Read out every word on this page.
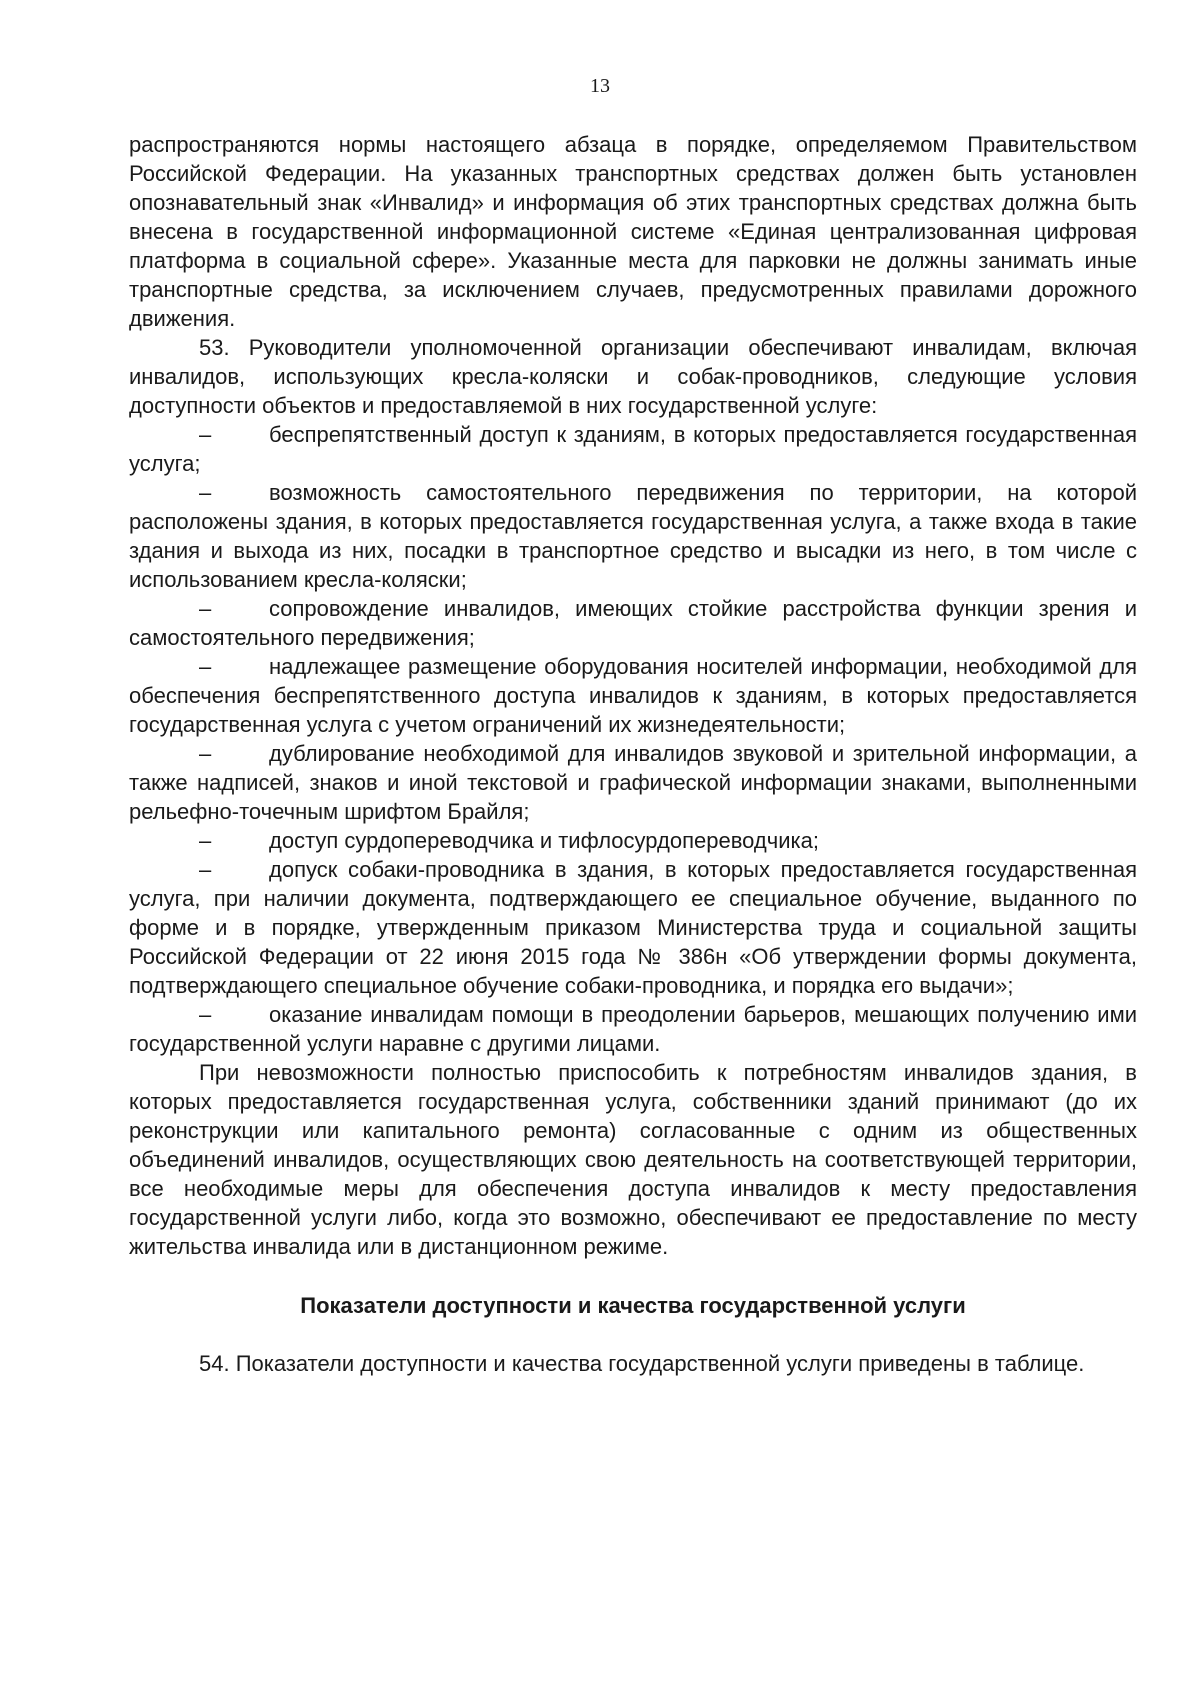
13

распространяются нормы настоящего абзаца в порядке, определяемом Правительством Российской Федерации. На указанных транспортных средствах должен быть установлен опознавательный знак «Инвалид» и информация об этих транспортных средствах должна быть внесена в государственной информационной системе «Единая централизованная цифровая платформа в социальной сфере». Указанные места для парковки не должны занимать иные транспортные средства, за исключением случаев, предусмотренных правилами дорожного движения.

53. Руководители уполномоченной организации обеспечивают инвалидам, включая инвалидов, использующих кресла-коляски и собак-проводников, следующие условия доступности объектов и предоставляемой в них государственной услуге:

–	беспрепятственный доступ к зданиям, в которых предоставляется государственная услуга;

–	возможность самостоятельного передвижения по территории, на которой расположены здания, в которых предоставляется государственная услуга, а также входа в такие здания и выхода из них, посадки в транспортное средство и высадки из него, в том числе с использованием кресла-коляски;

–	сопровождение инвалидов, имеющих стойкие расстройства функции зрения и самостоятельного передвижения;

–	надлежащее размещение оборудования носителей информации, необходимой для обеспечения беспрепятственного доступа инвалидов к зданиям, в которых предоставляется государственная услуга с учетом ограничений их жизнедеятельности;

–	дублирование необходимой для инвалидов звуковой и зрительной информации, а также надписей, знаков и иной текстовой и графической информации знаками, выполненными рельефно-точечным шрифтом Брайля;

–	доступ сурдопереводчика и тифлосурдопереводчика;

–	допуск собаки-проводника в здания, в которых предоставляется государственная услуга, при наличии документа, подтверждающего ее специальное обучение, выданного по форме и в порядке, утвержденным приказом Министерства труда и социальной защиты Российской Федерации от 22 июня 2015 года № 386н «Об утверждении формы документа, подтверждающего специальное обучение собаки-проводника, и порядка его выдачи»;

–	оказание инвалидам помощи в преодолении барьеров, мешающих получению ими государственной услуги наравне с другими лицами.

При невозможности полностью приспособить к потребностям инвалидов здания, в которых предоставляется государственная услуга, собственники зданий принимают (до их реконструкции или капитального ремонта) согласованные с одним из общественных объединений инвалидов, осуществляющих свою деятельность на соответствующей территории, все необходимые меры для обеспечения доступа инвалидов к месту предоставления государственной услуги либо, когда это возможно, обеспечивают ее предоставление по месту жительства инвалида или в дистанционном режиме.

Показатели доступности и качества государственной услуги

54. Показатели доступности и качества государственной услуги приведены в таблице.
